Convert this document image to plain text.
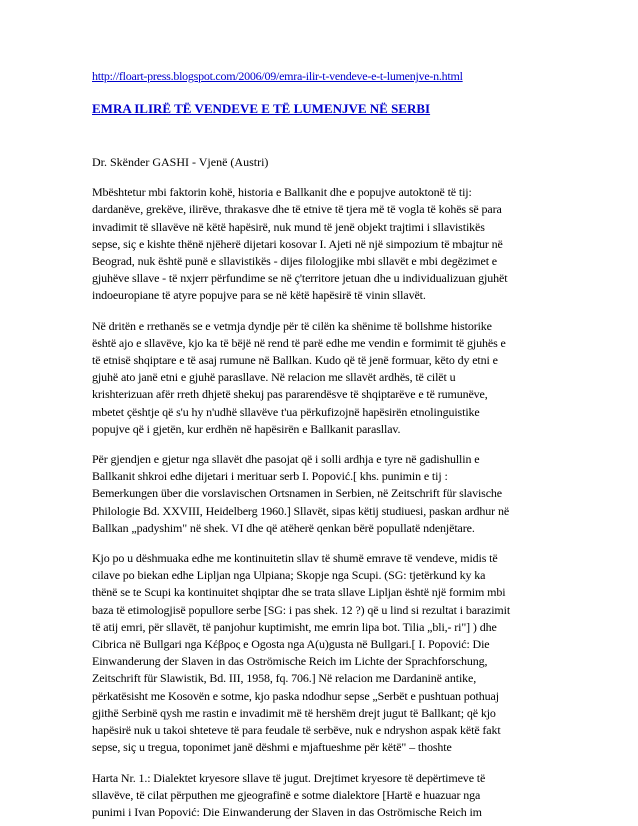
http://floart-press.blogspot.com/2006/09/emra-ilir-t-vendeve-e-t-lumenjve-n.html
EMRA ILIRË TË VENDEVE E TË LUMENJVE NË SERBI

Dr. Skënder GASHI - Vjenë (Austri)

Mbështetur mbi faktorin kohë, historia e Ballkanit dhe e popujve autoktonë të tij:
dardanëve, grekëve, ilirëve, thrakasve dhe të etnive të tjera më të vogla të kohës së para
invadimit të sllavëve në këtë hapësirë, nuk mund të jenë objekt trajtimi i sllavistikës
sepse, siç e kishte thënë njëherë dijetari kosovar I. Ajeti në një simpozium të mbajtur në
Beograd, nuk është punë e sllavistikës - dijes filologjike mbi sllavët e mbi degëzimet e
gjuhëve sllave - të nxjerr përfundime se në ç'territore jetuan dhe u individualizuan gjuhët
indoeuropiane të atyre popujve para se në këtë hapësirë të vinin sllavët.

Në dritën e rrethanës se e vetmja dyndje për të cilën ka shënime të bollshme historike
është ajo e sllavëve, kjo ka të bëjë në rend të parë edhe me vendin e formimit të gjuhës e
të etnisë shqiptare e të asaj rumune në Ballkan. Kudo që të jenë formuar, këto dy etni e
gjuhë ato janë etni e gjuhë parasllave. Në relacion me sllavët ardhës, të cilët u
krishterizuan afër rreth dhjetë shekuj pas pararendësve të shqiptarëve e të rumunëve,
mbetet çështje që s'u hy n'udhë sllavëve t'ua përkufizojnë hapësirën etnolinguistike
popujve që i gjetën, kur erdhën në hapësirën e Ballkanit parasllav.

Për gjendjen e gjetur nga sllavët dhe pasojat që i solli ardhja e tyre në gadishullin e
Ballkanit shkroi edhe dijetari i merituar serb I. Popović.[ khs. punimin e tij :
Bemerkungen über die vorslavischen Ortsnamen in Serbien, në Zeitschrift für slavische
Philologie Bd. XXVIII, Heidelberg 1960.] Sllavët, sipas këtij studiuesi, paskan ardhur në
Ballkan „padyshim" në shek. VI dhe që atëherë qenkan bërë popullatë ndenjëtare.

Kjo po u dëshmuaka edhe me kontinuitetin sllav të shumë emrave të vendeve, midis të
cilave po biekan edhe Lipljan nga Ulpiana; Skopje nga Scupi. (SG: tjetërkund ky ka
thënë se te Scupi ka kontinuitet shqiptar dhe se trata sllave Lipljan është një formim mbi
baza të etimologjisë popullore serbe [SG: i pas shek. 12 ?) që u lind si rezultat i barazimit
të atij emri, për sllavët, të panjohur kuptimisht, me emrin lipa bot. Tilia „bli,- ri"] ) dhe
Cibrica në Bullgari nga Κέβρος e Ogosta nga A(u)gusta në Bullgari.[ I. Popović: Die
Einwanderung der Slaven in das Oströmische Reich im Lichte der Sprachforschung,
Zeitschrift für Slawistik, Bd. III, 1958, fq. 706.] Në relacion me Dardaninë antike,
përkatësisht me Kosovën e sotme, kjo paska ndodhur sepse „Serbët e pushtuan pothuaj
gjithë Serbinë qysh me rastin e invadimit më të hershëm drejt jugut të Ballkant; që kjo
hapësirë nuk u takoi shteteve të para feudale të serbëve, nuk e ndryshon aspak këtë fakt
sepse, siç u tregua, toponimet janë dëshmi e mjaftueshme për këtë" – thoshte

Harta Nr. 1.: Dialektet kryesore sllave të jugut. Drejtimet kryesore të depërtimeve të
sllavëve, të cilat përputhen me gjeografinë e sotme dialektore [Hartë e huazuar nga
punimi i Ivan Popović: Die Einwanderung der Slaven in das Oströmische Reich im
